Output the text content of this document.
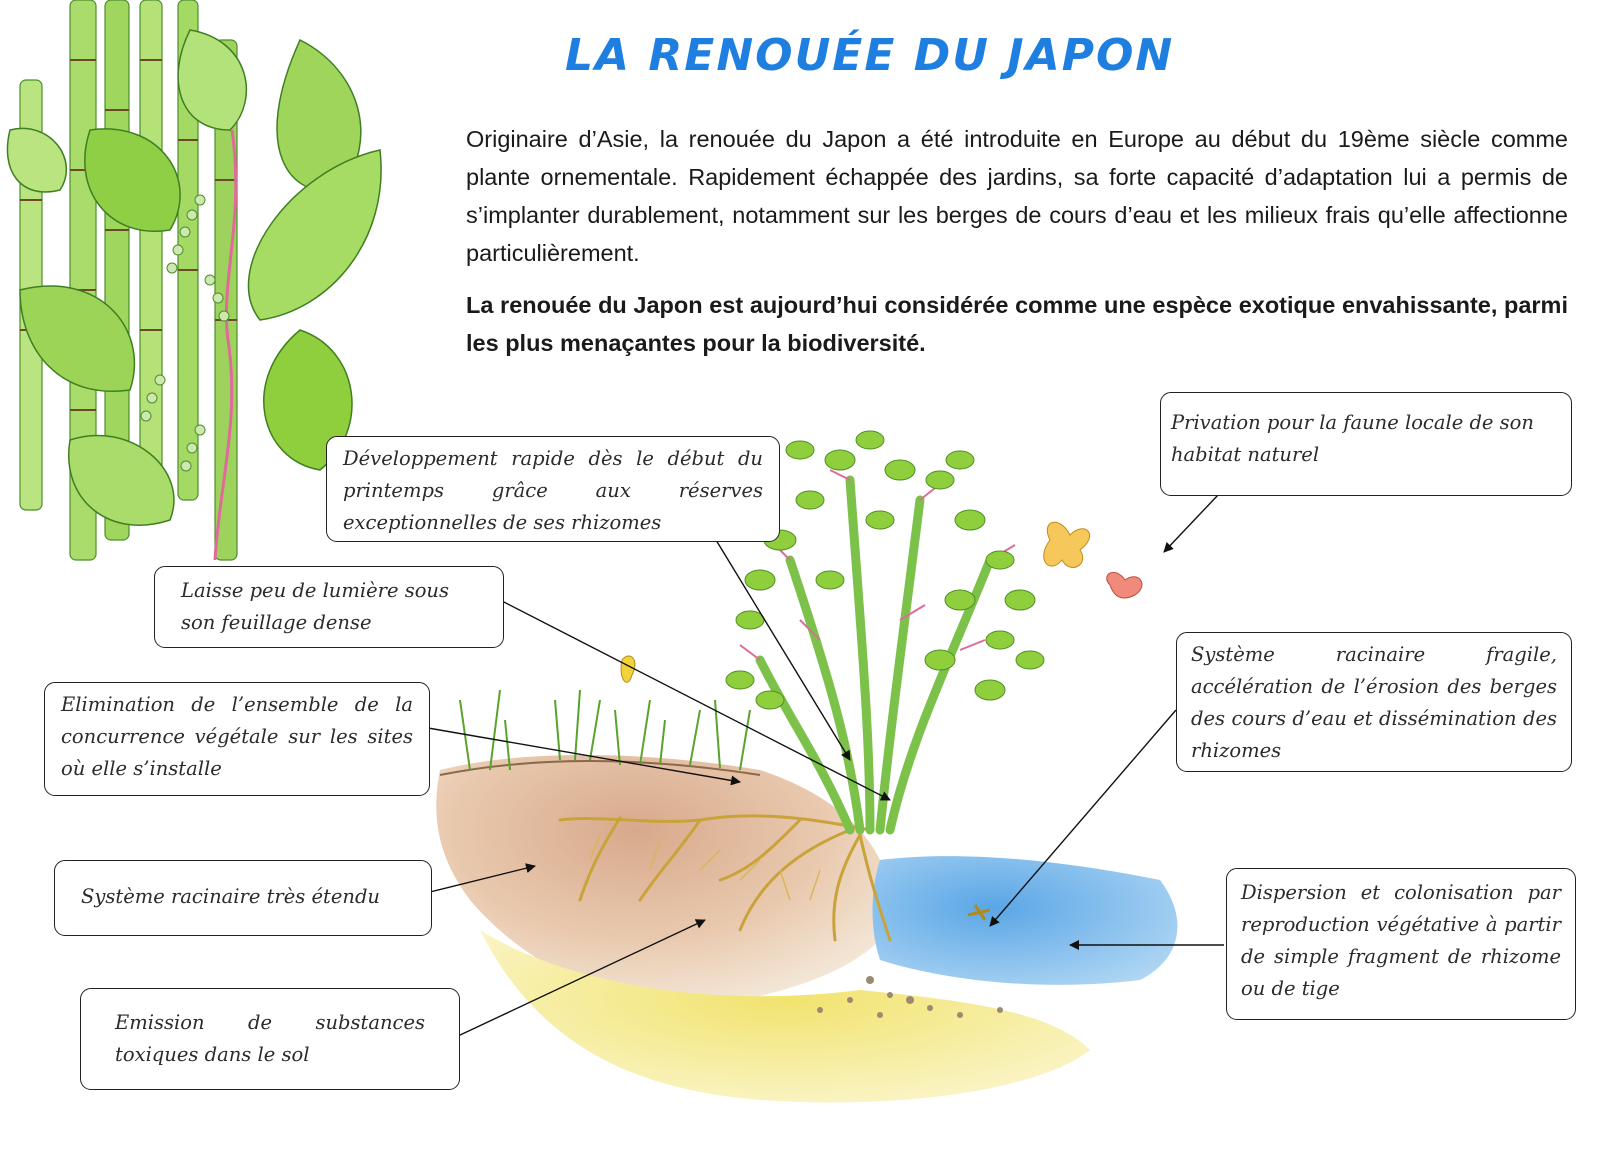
LA RENOUÉE DU JAPON

Originaire d’Asie, la renouée du Japon a été introduite en Europe au début du 19ème siècle comme plante ornementale. Rapidement échappée des jardins, sa forte capacité d’adaptation lui a permis de s’implanter durablement, notamment sur les berges de cours d’eau et les milieux frais qu’elle affectionne particulièrement.

La renouée du Japon est aujourd’hui considérée comme une espèce exotique envahissante, parmi les plus menaçantes pour la biodiversité.

Développement rapide dès le début du printemps grâce aux réserves exceptionnelles de ses rhizomes
Laisse peu de lumière sous son feuillage dense
Elimination de l’ensemble de la concurrence végétale sur les sites où elle s’installe
Système racinaire très étendu
Emission de substances toxiques dans le sol
Privation pour la faune locale de son habitat naturel
Système racinaire fragile, accélération de l’érosion des berges des cours d’eau et dissémination des rhizomes
Dispersion et colonisation par reproduction végétative à partir de simple fragment de rhizome ou de tige
